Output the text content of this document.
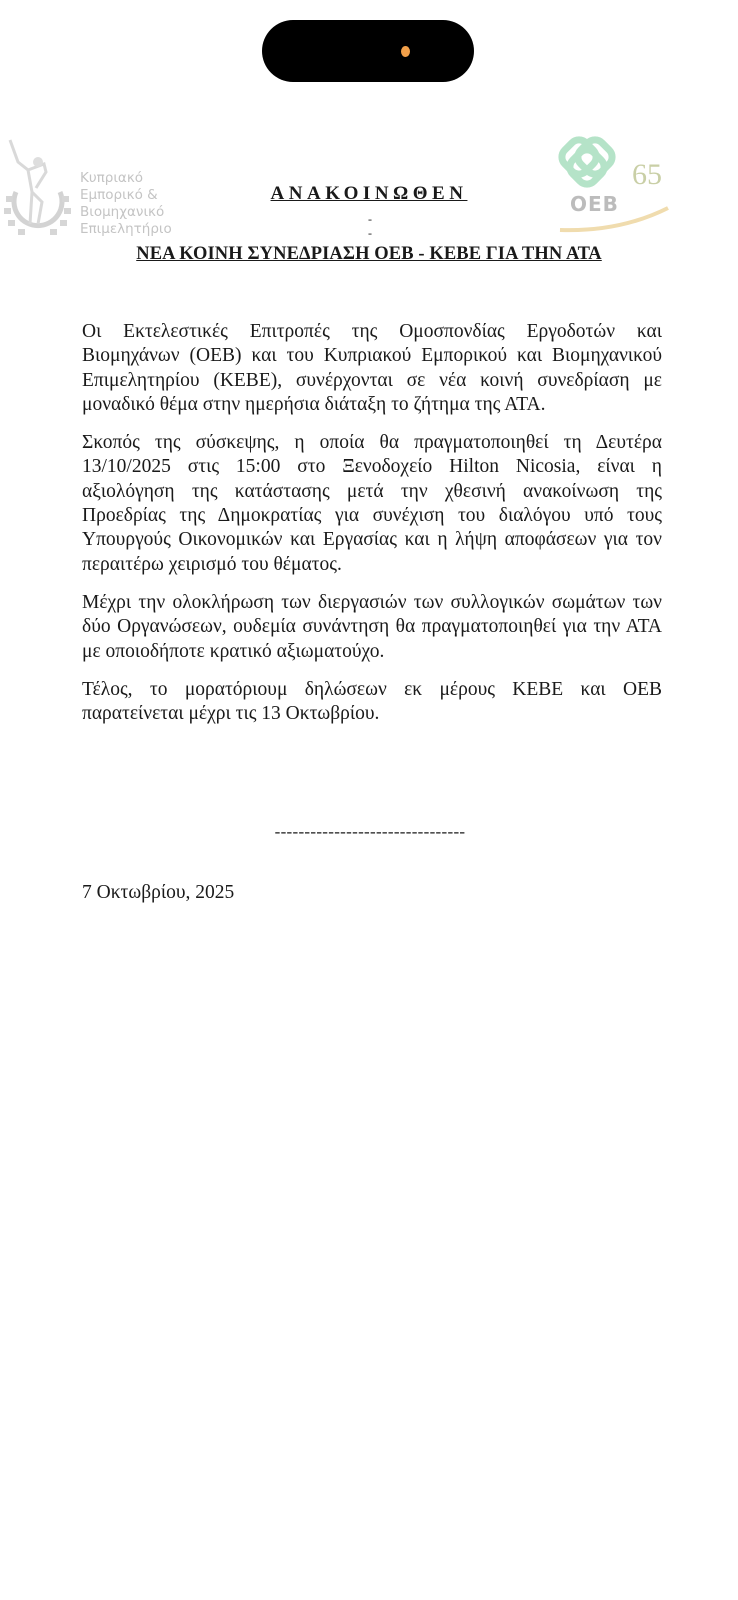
Κυπριακό
Εμπορικό &
Βιομηχανικό
Επιμελητήριο
OEB
65
ΑΝΑΚΟΙΝΩΘΕΝ
-
-
ΝΕΑ ΚΟΙΝΗ ΣΥΝΕΔΡΙΑΣΗ ΟΕΒ - ΚΕΒΕ ΓΙΑ ΤΗΝ ΑΤΑ

Οι Εκτελεστικές Επιτροπές της Ομοσπονδίας Εργοδοτών και Βιομηχάνων (ΟΕΒ) και του Κυπριακού Εμπορικού και Βιομηχανικού Επιμελητηρίου (ΚΕΒΕ), συνέρχονται σε νέα κοινή συνεδρίαση με μοναδικό θέμα στην ημερήσια διάταξη το ζήτημα της ΑΤΑ.

Σκοπός της σύσκεψης, η οποία θα πραγματοποιηθεί τη Δευτέρα 13/10/2025 στις 15:00 στο Ξενοδοχείο Hilton Nicosia, είναι η αξιολόγηση της κατάστασης μετά την χθεσινή ανακοίνωση της Προεδρίας της Δημοκρατίας για συνέχιση του διαλόγου υπό τους Υπουργούς Οικονομικών και Εργασίας και η λήψη αποφάσεων για τον περαιτέρω χειρισμό του θέματος.

Μέχρι την ολοκλήρωση των διεργασιών των συλλογικών σωμάτων των δύο Οργανώσεων, ουδεμία συνάντηση θα πραγματοποιηθεί για την ΑΤΑ με οποιοδήποτε κρατικό αξιωματούχο.

Τέλος, το μορατόριουμ δηλώσεων εκ μέρους ΚΕΒΕ και ΟΕΒ παρατείνεται μέχρι τις 13 Οκτωβρίου.

--------------------------------
7 Οκτωβρίου, 2025
